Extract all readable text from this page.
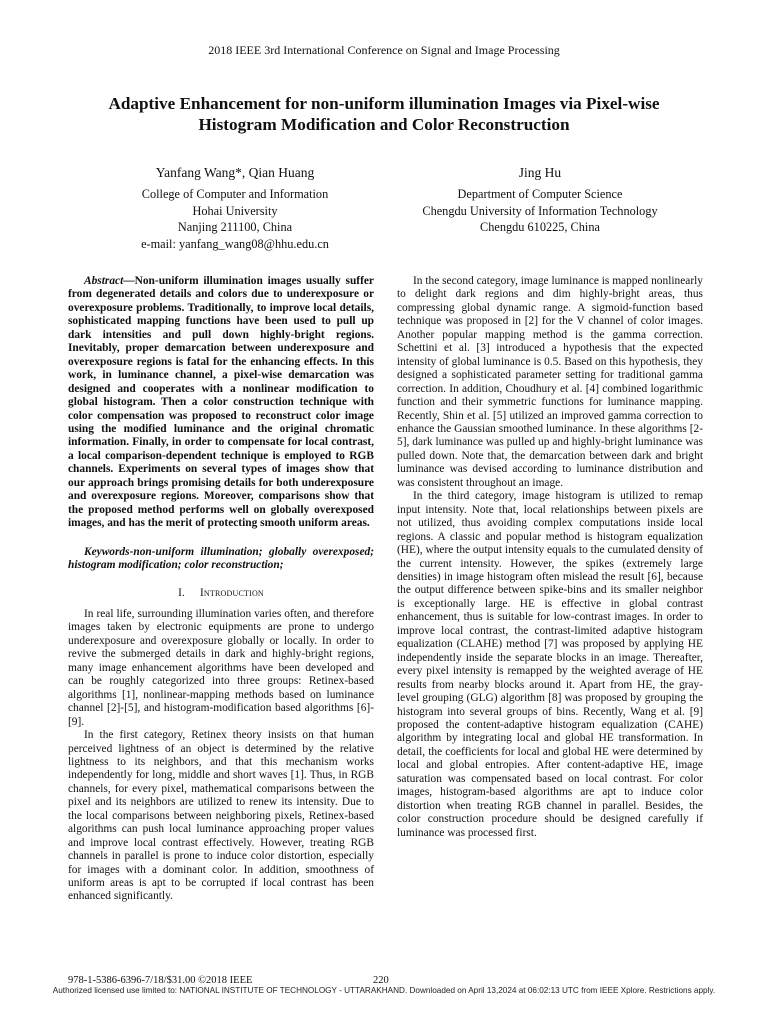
2018 IEEE 3rd International Conference on Signal and Image Processing
Adaptive Enhancement for non-uniform illumination Images via Pixel-wise
Histogram Modification and Color Reconstruction
Yanfang Wang*, Qian Huang
College of Computer and Information
Hohai University
Nanjing 211100, China
e-mail: yanfang_wang08@hhu.edu.cn
Jing Hu
Department of Computer Science
Chengdu University of Information Technology
Chengdu 610225, China

Abstract—Non-uniform illumination images usually suffer from degenerated details and colors due to underexposure or overexposure problems. Traditionally, to improve local details, sophisticated mapping functions have been used to pull up dark intensities and pull down highly-bright regions. Inevitably, proper demarcation between underexposure and overexposure regions is fatal for the enhancing effects. In this work, in luminance channel, a pixel-wise demarcation was designed and cooperates with a nonlinear modification to global histogram. Then a color construction technique with color compensation was proposed to reconstruct color image using the modified luminance and the original chromatic information. Finally, in order to compensate for local contrast, a local comparison-dependent technique is employed to RGB channels. Experiments on several types of images show that our approach brings promising details for both underexposure and overexposure regions. Moreover, comparisons show that the proposed method performs well on globally overexposed images, and has the merit of protecting smooth uniform areas.

Keywords-non-uniform illumination; globally overexposed; histogram modification; color reconstruction;

I. Introduction

In real life, surrounding illumination varies often, and therefore images taken by electronic equipments are prone to undergo underexposure and overexposure globally or locally. In order to revive the submerged details in dark and highly-bright regions, many image enhancement algorithms have been developed and can be roughly categorized into three groups: Retinex-based algorithms [1], nonlinear-mapping methods based on luminance channel [2]-[5], and histogram-modification based algorithms [6]-[9].

In the first category, Retinex theory insists on that human perceived lightness of an object is determined by the relative lightness to its neighbors, and that this mechanism works independently for long, middle and short waves [1]. Thus, in RGB channels, for every pixel, mathematical comparisons between the pixel and its neighbors are utilized to renew its intensity. Due to the local comparisons between neighboring pixels, Retinex-based algorithms can push local luminance approaching proper values and improve local contrast effectively. However, treating RGB channels in parallel is prone to induce color distortion, especially for images with a dominant color. In addition, smoothness of uniform areas is apt to be corrupted if local contrast has been enhanced significantly.

In the second category, image luminance is mapped nonlinearly to delight dark regions and dim highly-bright areas, thus compressing global dynamic range. A sigmoid-function based technique was proposed in [2] for the V channel of color images. Another popular mapping method is the gamma correction. Schettini et al. [3] introduced a hypothesis that the expected intensity of global luminance is 0.5. Based on this hypothesis, they designed a sophisticated parameter setting for traditional gamma correction. In addition, Choudhury et al. [4] combined logarithmic function and their symmetric functions for luminance mapping. Recently, Shin et al. [5] utilized an improved gamma correction to enhance the Gaussian smoothed luminance. In these algorithms [2-5], dark luminance was pulled up and highly-bright luminance was pulled down. Note that, the demarcation between dark and bright luminance was devised according to luminance distribution and was consistent throughout an image.

In the third category, image histogram is utilized to remap input intensity. Note that, local relationships between pixels are not utilized, thus avoiding complex computations inside local regions. A classic and popular method is histogram equalization (HE), where the output intensity equals to the cumulated density of the current intensity. However, the spikes (extremely large densities) in image histogram often mislead the result [6], because the output difference between spike-bins and its smaller neighbor is exceptionally large. HE is effective in global contrast enhancement, thus is suitable for low-contrast images. In order to improve local contrast, the contrast-limited adaptive histogram equalization (CLAHE) method [7] was proposed by applying HE independently inside the separate blocks in an image. Thereafter, every pixel intensity is remapped by the weighted average of HE results from nearby blocks around it. Apart from HE, the gray-level grouping (GLG) algorithm [8] was proposed by grouping the histogram into several groups of bins. Recently, Wang et al. [9] proposed the content-adaptive histogram equalization (CAHE) algorithm by integrating local and global HE transformation. In detail, the coefficients for local and global HE were determined by local and global entropies. After content-adaptive HE, image saturation was compensated based on local contrast. For color images, histogram-based algorithms are apt to induce color distortion when treating RGB channel in parallel. Besides, the color construction procedure should be designed carefully if luminance was processed first.

978-1-5386-6396-7/18/$31.00 ©2018 IEEE	220
Authorized licensed use limited to: NATIONAL INSTITUTE OF TECHNOLOGY - UTTARAKHAND. Downloaded on April 13,2024 at 06:02:13 UTC from IEEE Xplore. Restrictions apply.
